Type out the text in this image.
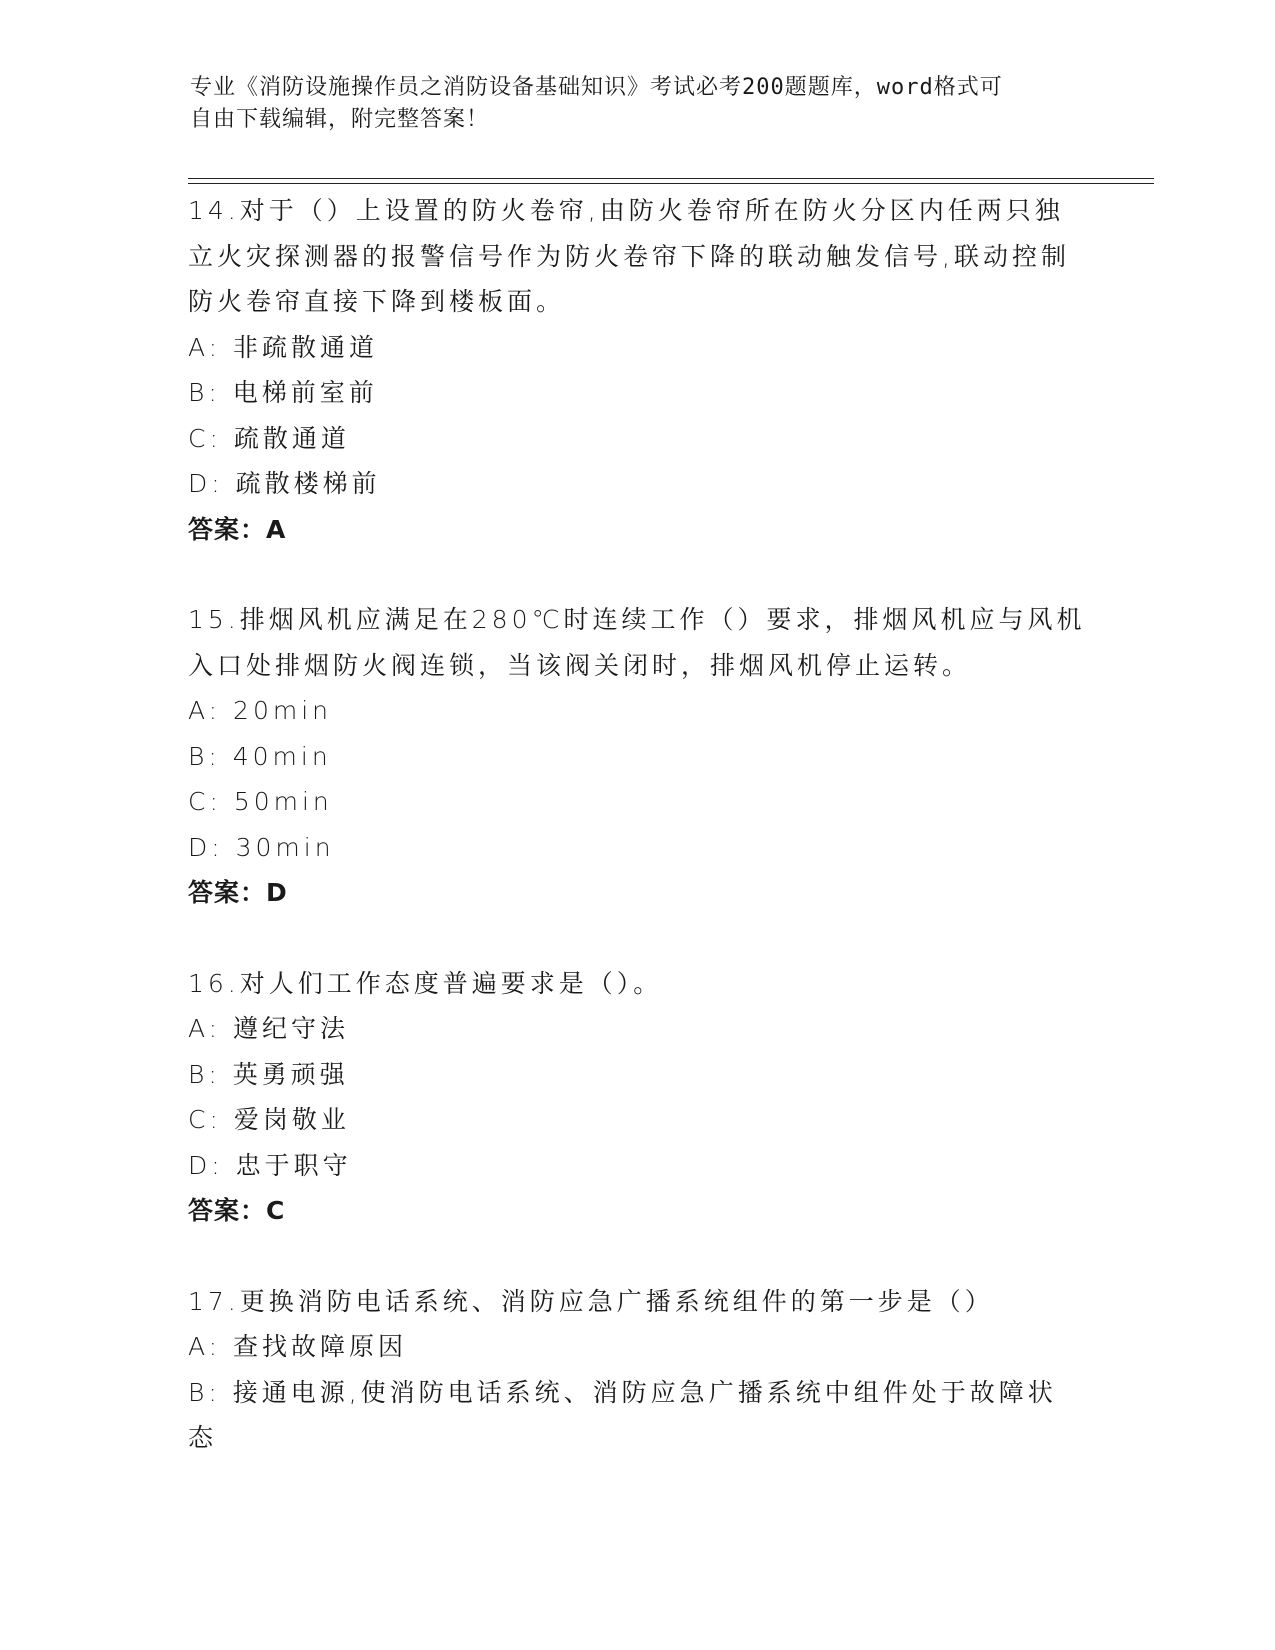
专业《消防设施操作员之消防设备基础知识》考试必考200题题库，word格式可
自由下载编辑，附完整答案！
14.对于（）上设置的防火卷帘,由防火卷帘所在防火分区内任两只独
立火灾探测器的报警信号作为防火卷帘下降的联动触发信号,联动控制
防火卷帘直接下降到楼板面。
A: 非疏散通道
B: 电梯前室前
C: 疏散通道
D: 疏散楼梯前
答案：A
15.排烟风机应满足在280℃时连续工作（）要求，排烟风机应与风机
入口处排烟防火阀连锁，当该阀关闭时，排烟风机停止运转。
A: 20min
B: 40min
C: 50min
D: 30min
答案：D
16.对人们工作态度普遍要求是（）。
A: 遵纪守法
B: 英勇顽强
C: 爱岗敬业
D: 忠于职守
答案：C
17.更换消防电话系统、消防应急广播系统组件的第一步是（）
A: 查找故障原因
B: 接通电源,使消防电话系统、消防应急广播系统中组件处于故障状
态
